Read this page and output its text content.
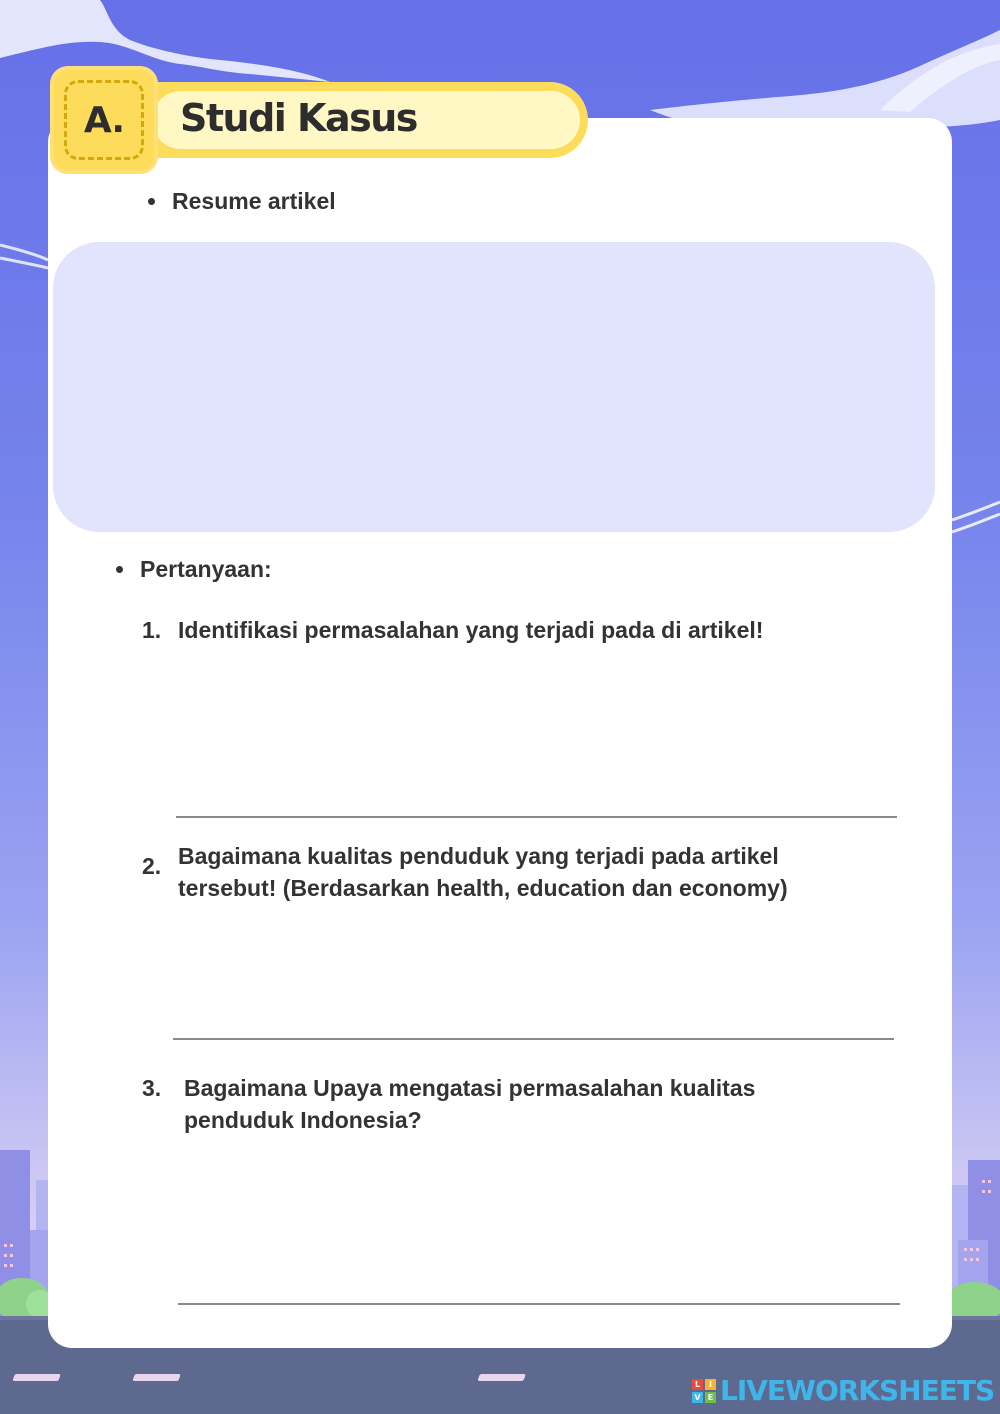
A.	Studi Kasus
Resume artikel
Pertanyaan:
1. Identifikasi permasalahan yang terjadi pada di artikel!
2. Bagaimana kualitas penduduk yang terjadi pada artikel
tersebut! (Berdasarkan health, education dan economy)
3. Bagaimana Upaya mengatasi permasalahan kualitas
penduduk Indonesia?
L	I
V E LIVEWORKSHEETS
